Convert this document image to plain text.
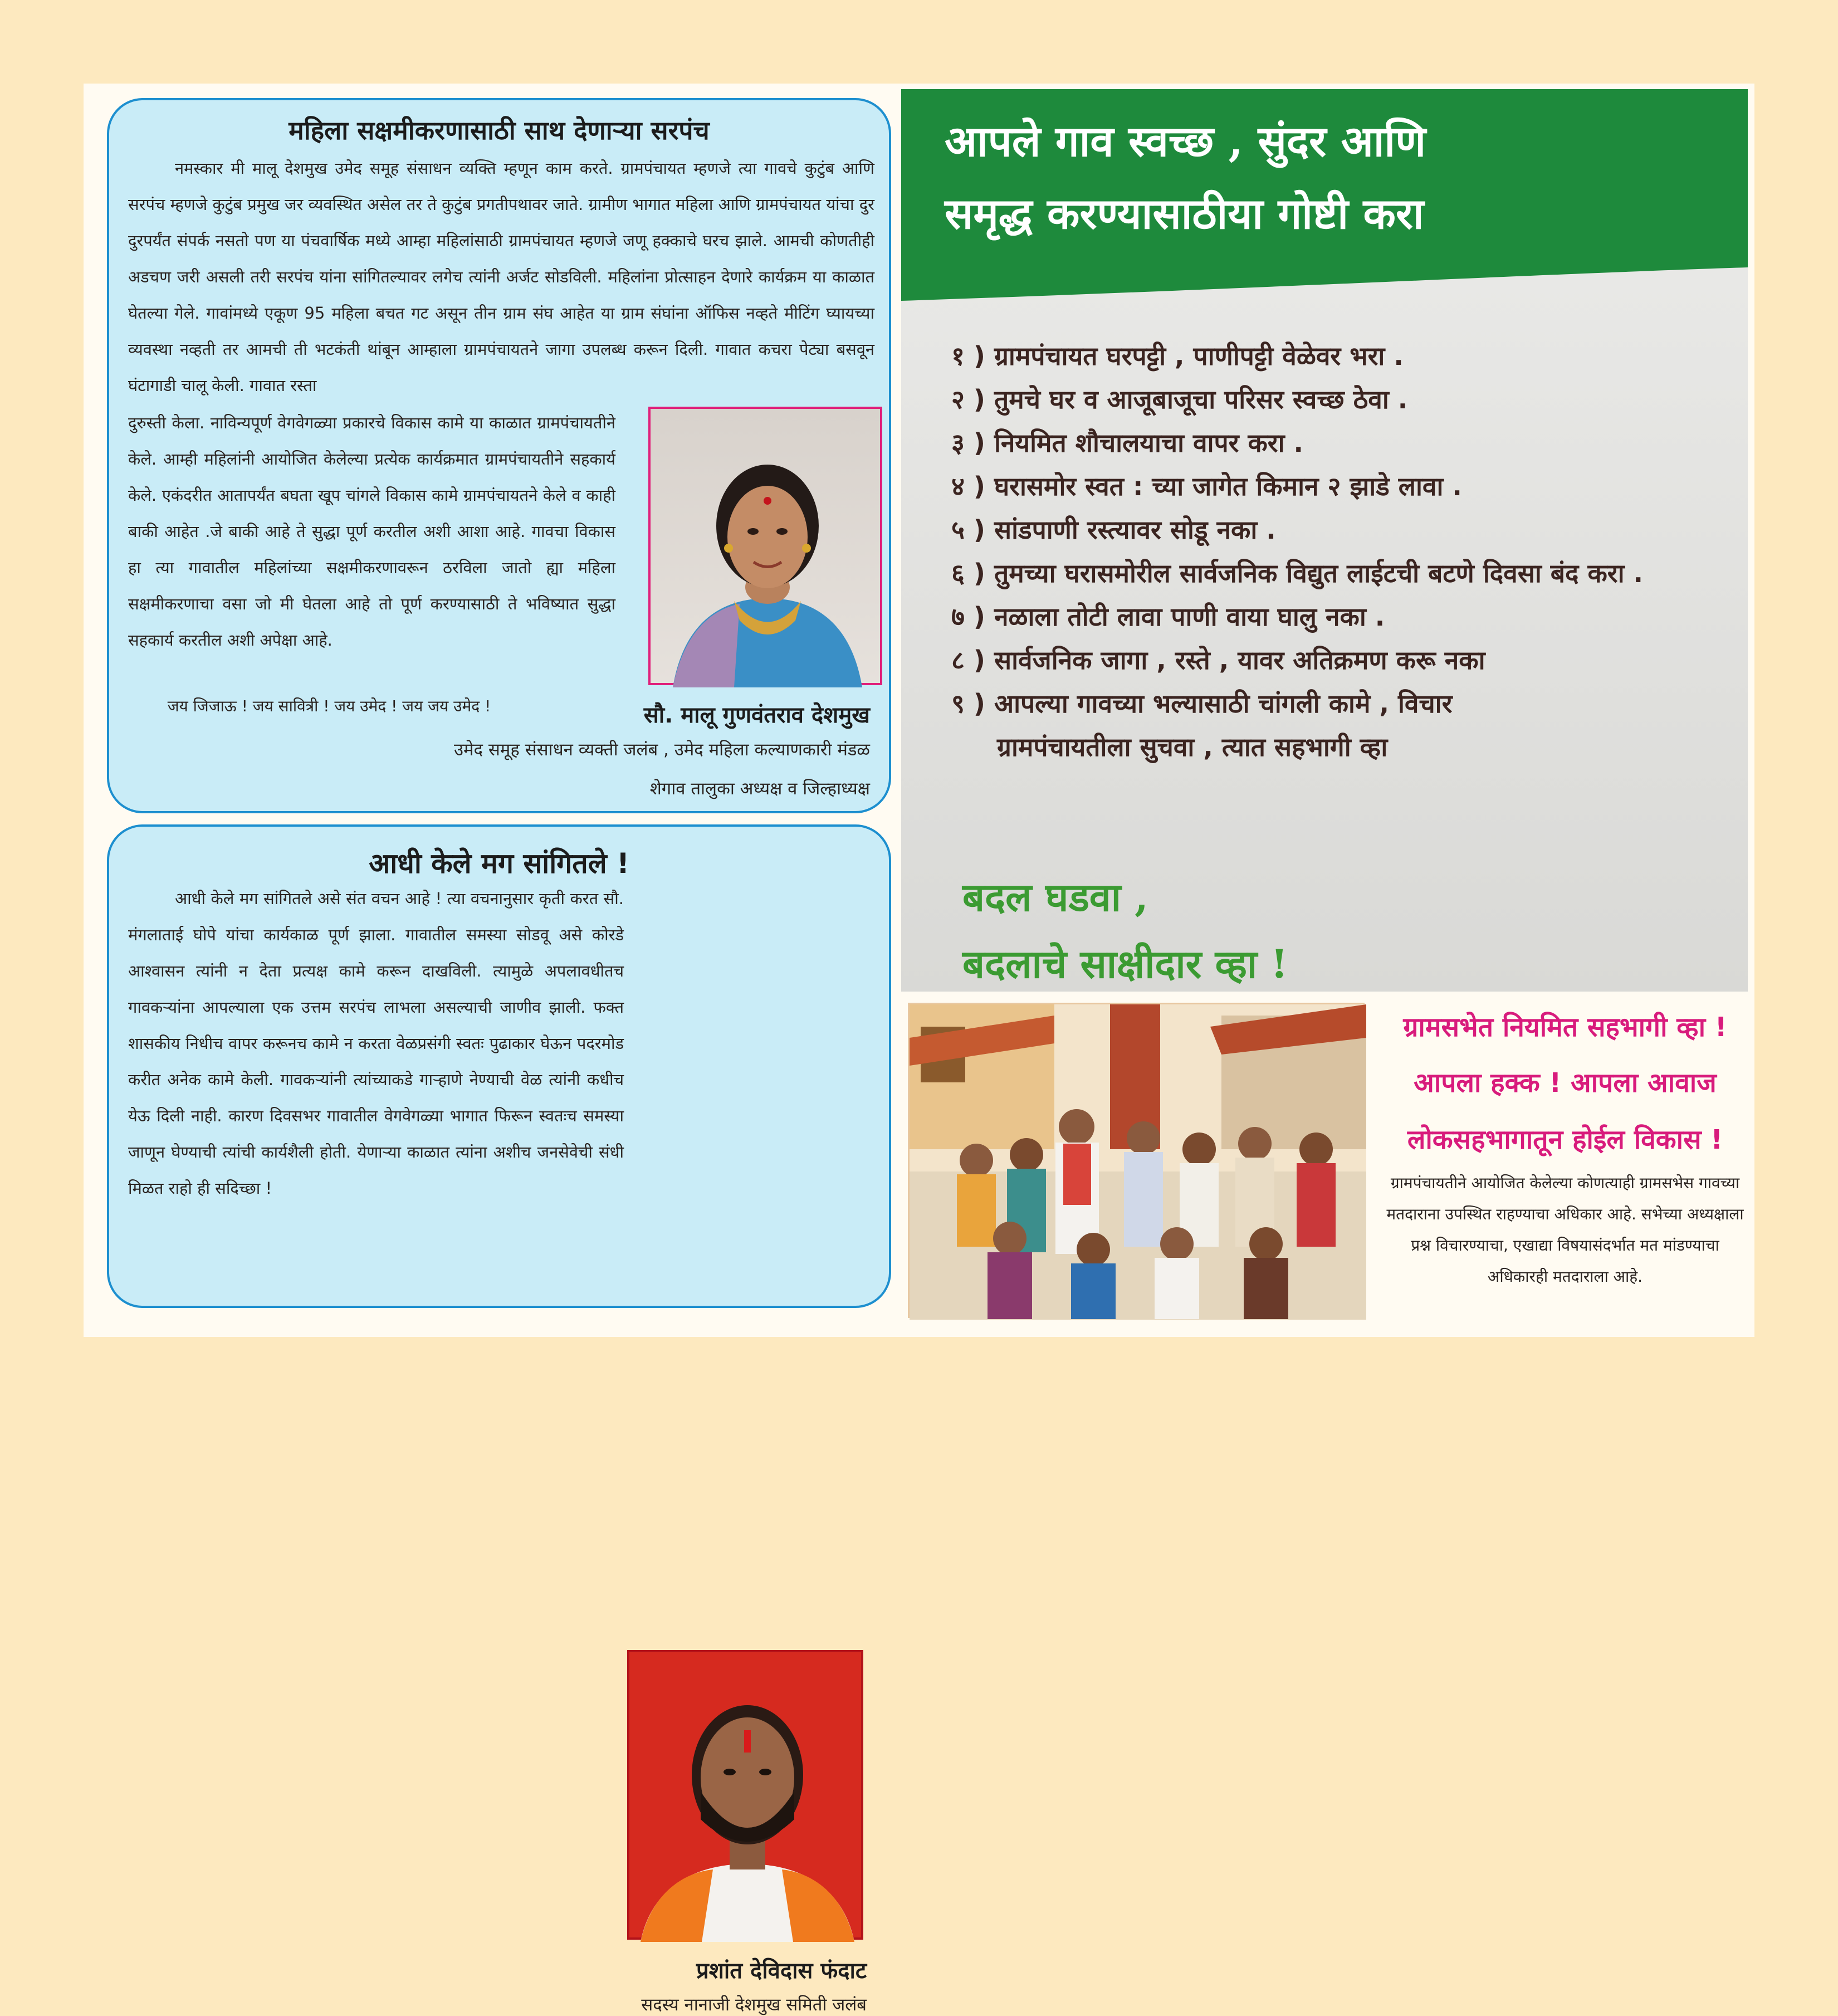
महिला सक्षमीकरणासाठी साथ देणाऱ्या सरपंच

नमस्कार मी मालू देशमुख उमेद समूह संसाधन व्यक्ति म्हणून काम करते. ग्रामपंचायत म्हणजे त्या गावचे कुटुंब आणि सरपंच म्हणजे कुटुंब प्रमुख जर व्यवस्थित असेल तर ते कुटुंब प्रगतीपथावर जाते. ग्रामीण भागात महिला आणि ग्रामपंचायत यांचा दुर दुरपर्यंत संपर्क नसतो पण या पंचवार्षिक मध्ये आम्हा महिलांसाठी ग्रामपंचायत म्हणजे जणू हक्काचे घरच झाले. आमची कोणतीही अडचण जरी असली तरी सरपंच यांना सांगितल्यावर लगेच त्यांनी अर्जट सोडविली. महिलांना प्रोत्साहन देणारे कार्यक्रम या काळात घेतल्या गेले. गावांमध्ये एकूण 95 महिला बचत गट असून तीन ग्राम संघ आहेत या ग्राम संघांना ऑफिस नव्हते मीटिंग घ्यायच्या व्यवस्था नव्हती तर आमची ती भटकंती थांबून आम्हाला ग्रामपंचायतने जागा उपलब्ध करून दिली. गावात कचरा पेट्या बसवून घंटागाडी चालू केली. गावात रस्ता

दुरुस्ती केला. नाविन्यपूर्ण वेगवेगळ्या प्रकारचे विकास कामे या काळात ग्रामपंचायतीने केले. आम्ही महिलांनी आयोजित केलेल्या प्रत्येक कार्यक्रमात ग्रामपंचायतीने सहकार्य केले. एकंदरीत आतापर्यंत बघता खूप चांगले विकास कामे ग्रामपंचायतने केले व काही बाकी आहेत .जे बाकी आहे ते सुद्धा पूर्ण करतील अशी आशा आहे. गावचा विकास हा त्या गावातील महिलांच्या सक्षमीकरणावरून ठरविला जातो ह्या महिला सक्षमीकरणाचा वसा जो मी घेतला आहे तो पूर्ण करण्यासाठी ते भविष्यात सुद्धा सहकार्य करतील अशी अपेक्षा आहे.

जय जिजाऊ ! जय सावित्री ! जय उमेद ! जय जय उमेद !	सौ. मालू गुणवंतराव देशमुख
उमेद समूह संसाधन व्यक्ती जलंब , उमेद महिला कल्याणकारी मंडळ
शेगाव तालुका अध्यक्ष व जिल्हाध्यक्ष
आधी केले मग सांगितले !

आधी केले मग सांगितले असे संत वचन आहे ! त्या वचनानुसार कृती करत सौ. मंगलाताई घोपे यांचा कार्यकाळ पूर्ण झाला. गावातील समस्या सोडवू असे कोरडे आश्वासन त्यांनी न देता प्रत्यक्ष कामे करून दाखविली. त्यामुळे अपलावधीतच गावकऱ्यांना आपल्याला एक उत्तम सरपंच लाभला असल्याची जाणीव झाली. फक्त शासकीय निधीच वापर करूनच कामे न करता वेळप्रसंगी स्वतः पुढाकार घेऊन पदरमोड करीत अनेक कामे केली. गावकऱ्यांनी त्यांच्याकडे गाऱ्हाणे नेण्याची वेळ त्यांनी कधीच येऊ दिली नाही. कारण दिवसभर गावातील वेगवेगळ्या भागात फिरून स्वतःच समस्या जाणून घेण्याची त्यांची कार्यशैली होती. येणाऱ्या काळात त्यांना अशीच जनसेवेची संधी मिळत राहो ही सदिच्छा !

प्रशांत देविदास फंदाट
सदस्य नानाजी देशमुख समिती जलंब
आपले गाव स्वच्छ , सुंदर आणि
समृद्ध करण्यासाठीया गोष्टी करा
१ ) ग्रामपंचायत घरपट्टी , पाणीपट्टी वेळेवर भरा .
२ ) तुमचे घर व आजूबाजूचा परिसर स्वच्छ ठेवा .
३ ) नियमित शौचालयाचा वापर करा .
४ ) घरासमोर स्वत : च्या जागेत किमान २ झाडे लावा .
५ ) सांडपाणी रस्त्यावर सोडू नका .
६ ) तुमच्या घरासमोरील सार्वजनिक विद्युत लाईटची बटणे दिवसा बंद करा .
७ ) नळाला तोटी लावा पाणी वाया घालु नका .
८ ) सार्वजनिक जागा , रस्ते , यावर अतिक्रमण करू नका
९ ) आपल्या गावच्या भल्यासाठी चांगली कामे , विचार
ग्रामपंचायतीला सुचवा , त्यात सहभागी व्हा
बदल घडवा ,
बदलाचे साक्षीदार व्हा !
ग्रामसभेत नियमित सहभागी व्हा !
आपला हक्क ! आपला आवाज
लोकसहभागातून होईल विकास !

ग्रामपंचायतीने आयोजित केलेल्या कोणत्याही ग्रामसभेस गावच्या मतदाराना उपस्थित राहण्याचा अधिकार आहे. सभेच्या अध्यक्षाला प्रश्न विचारण्याचा, एखाद्या विषयासंदर्भात मत मांडण्याचा अधिकारही मतदाराला आहे.
